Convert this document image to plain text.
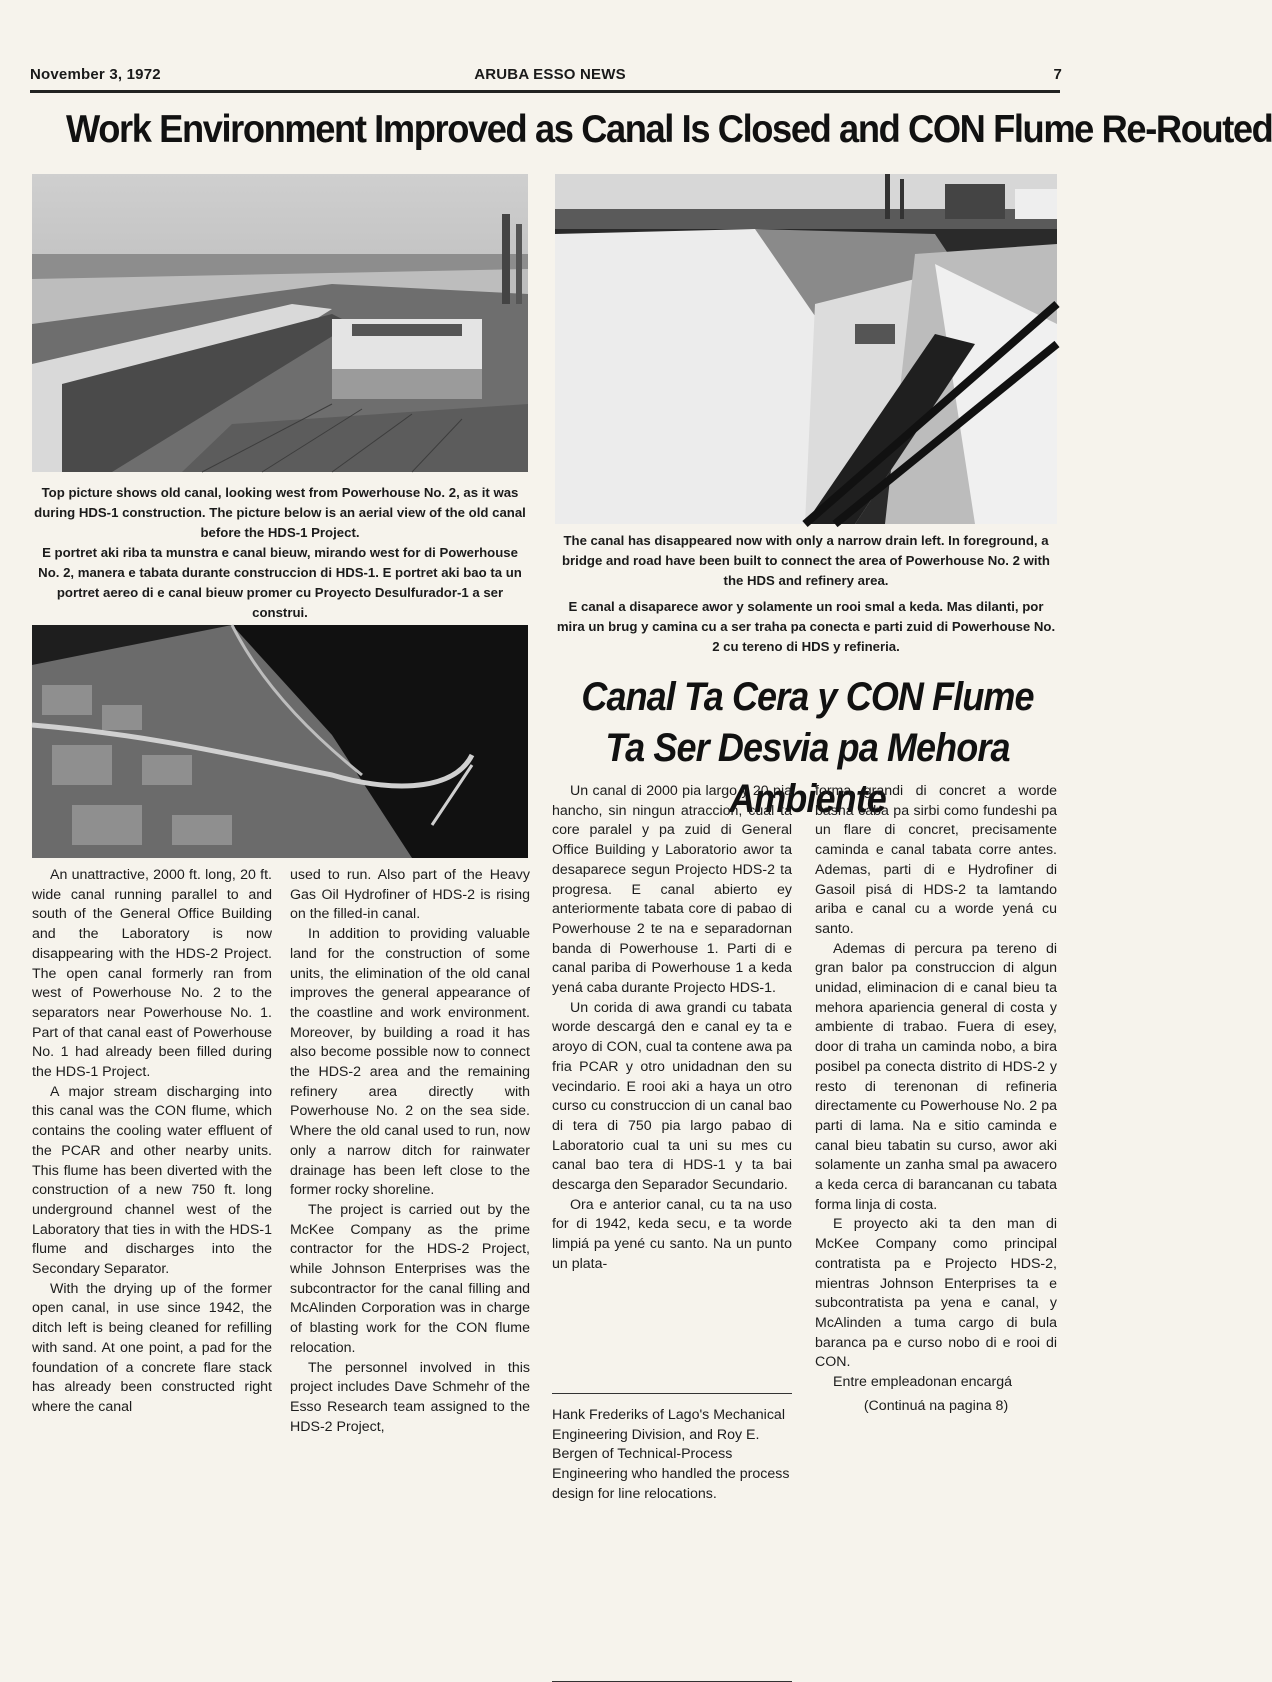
November 3, 1972	ARUBA ESSO NEWS	7
Work Environment Improved as Canal Is Closed and CON Flume Re-Routed

Top picture shows old canal, looking west from Powerhouse No. 2, as it was during HDS-1 construction. The picture below is an aerial view of the old canal before the HDS-1 Project.

E portret aki riba ta munstra e canal bieuw, mirando west for di Powerhouse No. 2, manera e tabata durante construccion di HDS-1. E portret aki bao ta un portret aereo di e canal bieuw promer cu Proyecto Desulfurador-1 a ser construi.

The canal has disappeared now with only a narrow drain left. In foreground, a bridge and road have been built to connect the area of Powerhouse No. 2 with the HDS and refinery area.

E canal a disaparece awor y solamente un rooi smal a keda. Mas dilanti, por mira un brug y camina cu a ser traha pa conecta e parti zuid di Powerhouse No. 2 cu tereno di HDS y refineria.

Canal Ta Cera y CON Flume Ta Ser Desvia pa Mehora Ambiente

An unattractive, 2000 ft. long, 20 ft. wide canal running parallel to and south of the General Office Building and the Laboratory is now disappearing with the HDS-2 Project. The open canal formerly ran from west of Powerhouse No. 2 to the separators near Powerhouse No. 1. Part of that canal east of Powerhouse No. 1 had already been filled during the HDS-1 Project.

A major stream discharging into this canal was the CON flume, which contains the cooling water effluent of the PCAR and other nearby units. This flume has been diverted with the construction of a new 750 ft. long underground channel west of the Laboratory that ties in with the HDS-1 flume and discharges into the Secondary Separator.

With the drying up of the former open canal, in use since 1942, the ditch left is being cleaned for refilling with sand. At one point, a pad for the foundation of a concrete flare stack has already been constructed right where the canal

used to run. Also part of the Heavy Gas Oil Hydrofiner of HDS-2 is rising on the filled-in canal.

In addition to providing valuable land for the construction of some units, the elimination of the old canal improves the general appearance of the coastline and work environment. Moreover, by building a road it has also become possible now to connect the HDS-2 area and the remaining refinery area directly with Powerhouse No. 2 on the sea side. Where the old canal used to run, now only a narrow ditch for rainwater drainage has been left close to the former rocky shoreline.

The project is carried out by the McKee Company as the prime contractor for the HDS-2 Project, while Johnson Enterprises was the subcontractor for the canal filling and McAlinden Corporation was in charge of blasting work for the CON flume relocation.

The personnel involved in this project includes Dave Schmehr of the Esso Research team assigned to the HDS-2 Project,

Un canal di 2000 pia largo y 20 pia hancho, sin ningun atraccion, cual ta core paralel y pa zuid di General Office Building y Laboratorio awor ta desaparece segun Projecto HDS-2 ta progresa. E canal abierto ey anteriormente tabata core di pabao di Powerhouse 2 te na e separadornan banda di Powerhouse 1. Parti di e canal pariba di Powerhouse 1 a keda yená caba durante Projecto HDS-1.

Un corida di awa grandi cu tabata worde descargá den e canal ey ta e aroyo di CON, cual ta contene awa pa fria PCAR y otro unidadnan den su vecindario. E rooi aki a haya un otro curso cu construccion di un canal bao di tera di 750 pia largo pabao di Laboratorio cual ta uni su mes cu canal bao tera di HDS-1 y ta bai descarga den Separador Secundario.

Ora e anterior canal, cu ta na uso for di 1942, keda secu, e ta worde limpiá pa yené cu santo. Na un punto un plata-

Hank Frederiks of Lago's Mechanical Engineering Division, and Roy E. Bergen of Technical-Process Engineering who handled the process design for line relocations.

forma grandi di concret a worde bashá caba pa sirbi como fundeshi pa un flare di concret, precisamente caminda e canal tabata corre antes. Ademas, parti di e Hydrofiner di Gasoil pisá di HDS-2 ta lamtando ariba e canal cu a worde yená cu santo.

Ademas di percura pa tereno di gran balor pa construccion di algun unidad, eliminacion di e canal bieu ta mehora apariencia general di costa y ambiente di trabao. Fuera di esey, door di traha un caminda nobo, a bira posibel pa conecta distrito di HDS-2 y resto di terenonan di refineria directamente cu Powerhouse No. 2 pa parti di lama. Na e sitio caminda e canal bieu tabatin su curso, awor aki solamente un zanha smal pa awacero a keda cerca di barancanan cu tabata forma linja di costa.

E proyecto aki ta den man di McKee Company como principal contratista pa e Projecto HDS-2, mientras Johnson Enterprises ta e subcontratista pa yena e canal, y McAlinden a tuma cargo di bula baranca pa e curso nobo di e rooi di CON.

Entre empleadonan encargá

(Continuá na pagina 8)
